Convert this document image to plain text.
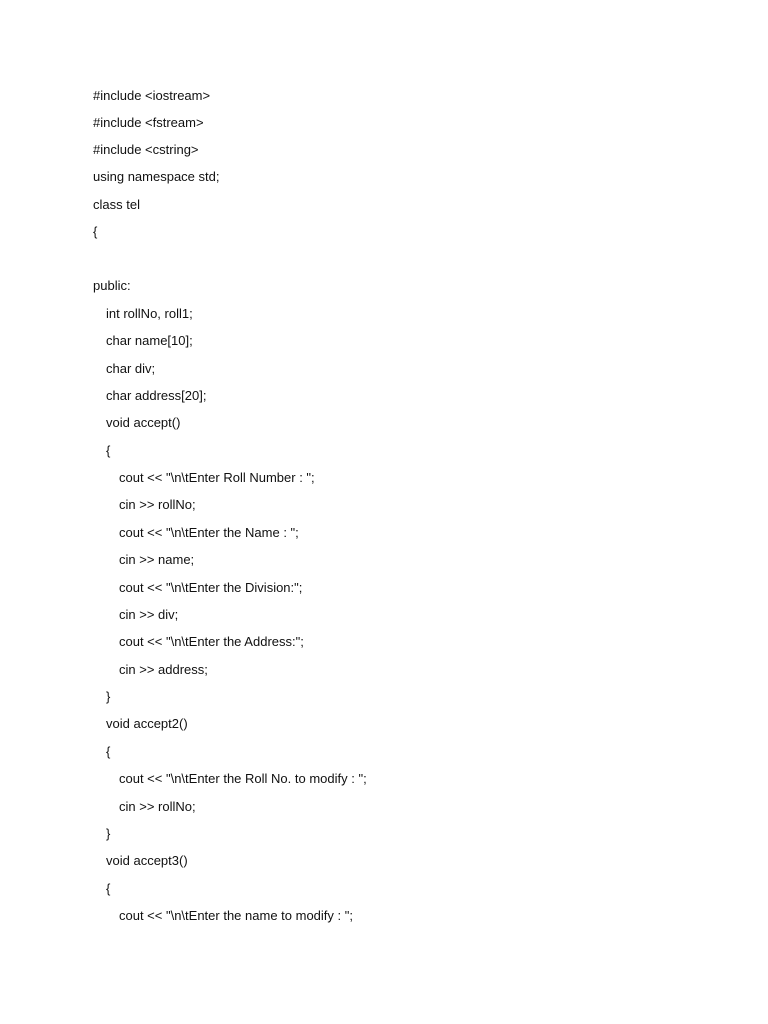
#include <iostream>
#include <fstream>
#include <cstring>
using namespace std;
class tel
{
public:
int rollNo, roll1;
char name[10];
char div;
char address[20];
void accept()
{
cout << "\n\tEnter Roll Number : ";
cin >> rollNo;
cout << "\n\tEnter the Name : ";
cin >> name;
cout << "\n\tEnter the Division:";
cin >> div;
cout << "\n\tEnter the Address:";
cin >> address;
}
void accept2()
{
cout << "\n\tEnter the Roll No. to modify : ";
cin >> rollNo;
}
void accept3()
{
cout << "\n\tEnter the name to modify : ";
